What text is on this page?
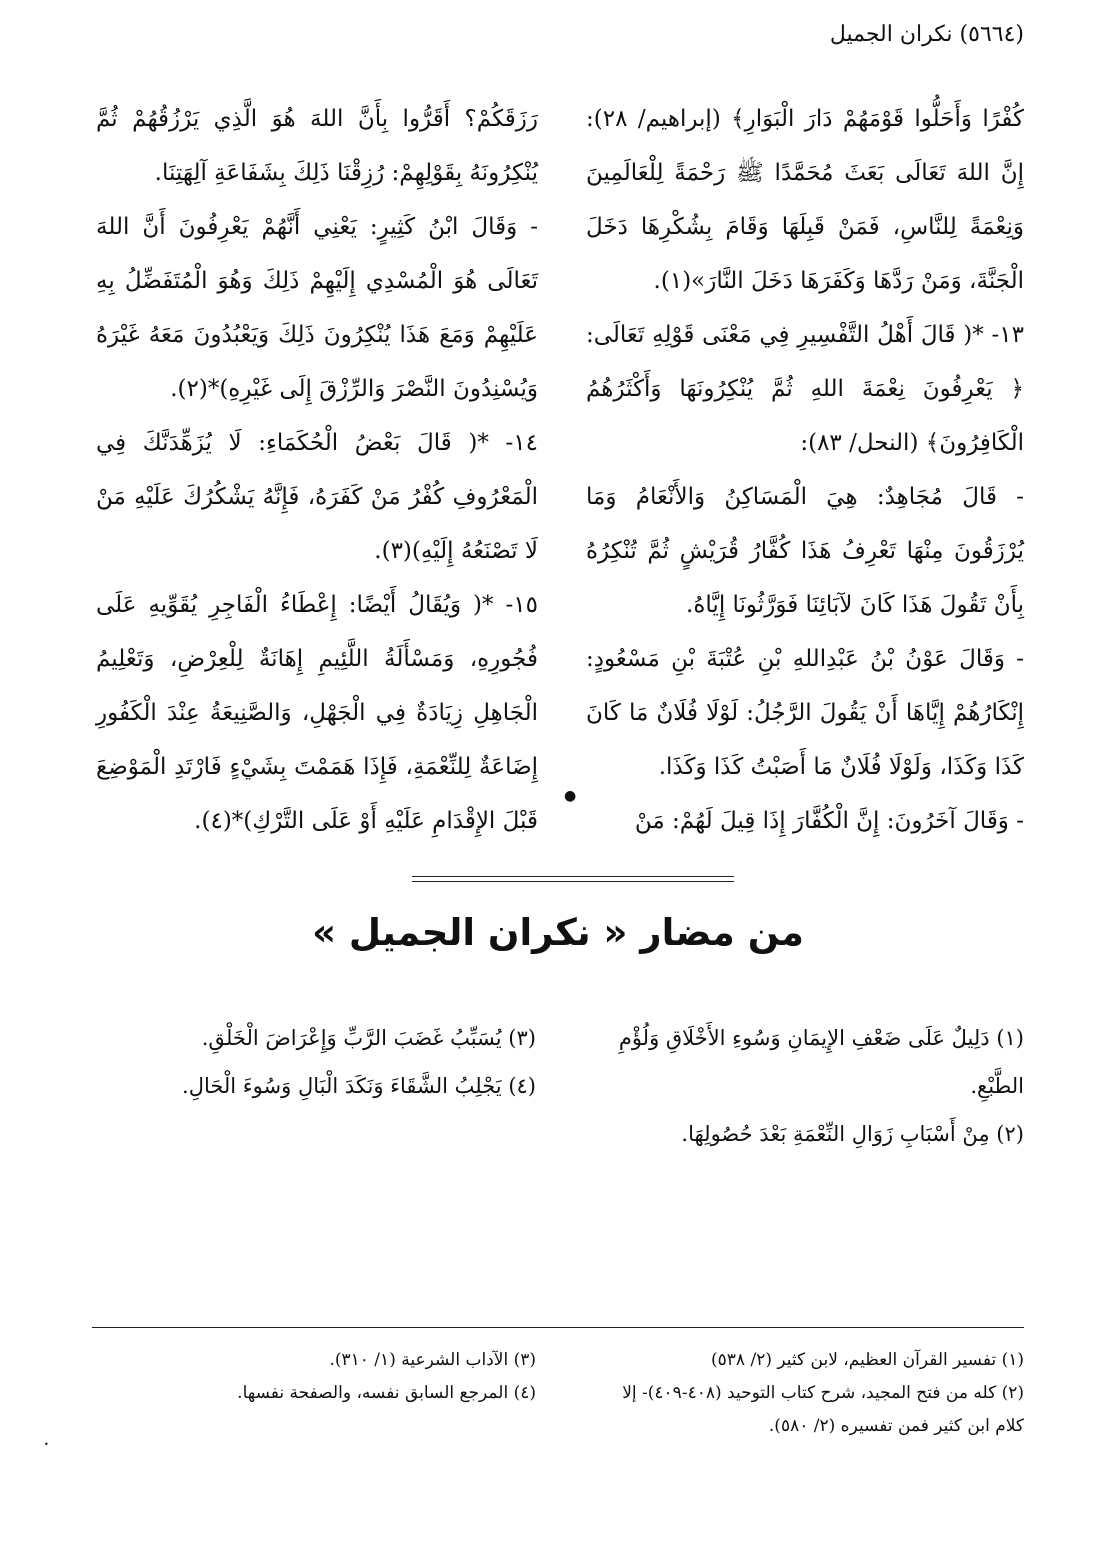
(٥٦٦٤) نكران الجميل

كُفْرًا وَأَحَلُّوا قَوْمَهُمْ دَارَ الْبَوَارِ﴾ (إبراهيم/ ٢٨): إِنَّ اللهَ تَعَالَى بَعَثَ مُحَمَّدًا ﷺ رَحْمَةً لِلْعَالَمِينَ وَنِعْمَةً لِلنَّاسِ، فَمَنْ قَبِلَهَا وَقَامَ بِشُكْرِهَا دَخَلَ الْجَنَّةَ، وَمَنْ رَدَّهَا وَكَفَرَهَا دَخَلَ النَّارَ»(١).

١٣- *( قَالَ أَهْلُ التَّفْسِيرِ فِي مَعْنَى قَوْلِهِ تَعَالَى: ﴿ يَعْرِفُونَ نِعْمَةَ اللهِ ثُمَّ يُنْكِرُونَهَا وَأَكْثَرُهُمُ الْكَافِرُونَ﴾ (النحل/ ٨٣):

- قَالَ مُجَاهِدٌ: هِيَ الْمَسَاكِنُ وَالأَنْعَامُ وَمَا يُرْزَقُونَ مِنْهَا تَعْرِفُ هَذَا كُفَّارُ قُرَيْشٍ ثُمَّ تُنْكِرُهُ بِأَنْ تَقُولَ هَذَا كَانَ لآبَائِنَا فَوَرَّثُونَا إِيَّاهُ.

- وَقَالَ عَوْنُ بْنُ عَبْدِاللهِ بْنِ عُتْبَةَ بْنِ مَسْعُودٍ: إِنْكَارُهُمْ إِيَّاهَا أَنْ يَقُولَ الرَّجُلُ: لَوْلَا فُلَانٌ مَا كَانَ كَذَا وَكَذَا، وَلَوْلَا فُلَانٌ مَا أَصَبْتُ كَذَا وَكَذَا.

- وَقَالَ آخَرُونَ: إِنَّ الْكُفَّارَ إِذَا قِيلَ لَهُمْ: مَنْ

رَزَقَكُمْ؟ أَقَرُّوا بِأَنَّ اللهَ هُوَ الَّذِي يَرْزُقُهُمْ ثُمَّ يُنْكِرُونَهُ بِقَوْلِهِمْ: رُزِقْنَا ذَلِكَ بِشَفَاعَةِ آلِهَتِنَا.

- وَقَالَ ابْنُ كَثِيرٍ: يَعْنِي أَنَّهُمْ يَعْرِفُونَ أَنَّ اللهَ تَعَالَى هُوَ الْمُسْدِي إِلَيْهِمْ ذَلِكَ وَهُوَ الْمُتَفَضِّلُ بِهِ عَلَيْهِمْ وَمَعَ هَذَا يُنْكِرُونَ ذَلِكَ وَيَعْبُدُونَ مَعَهُ غَيْرَهُ وَيُسْنِدُونَ النَّصْرَ وَالرِّزْقَ إِلَى غَيْرِهِ)*(٢).

١٤- *( قَالَ بَعْضُ الْحُكَمَاءِ: لَا يُزَهِّدَنَّكَ فِي الْمَعْرُوفِ كُفْرُ مَنْ كَفَرَهُ، فَإِنَّهُ يَشْكُرُكَ عَلَيْهِ مَنْ لَا تَصْنَعُهُ إِلَيْهِ)(٣).

١٥- *( وَيُقَالُ أَيْضًا: إِعْطَاءُ الْفَاجِرِ يُقَوِّيهِ عَلَى فُجُورِهِ، وَمَسْأَلَةُ اللَّئِيمِ إِهَانَةٌ لِلْعِرْضِ، وَتَعْلِيمُ الْجَاهِلِ زِيَادَةٌ فِي الْجَهْلِ، وَالصَّنِيعَةُ عِنْدَ الْكَفُورِ إِضَاعَةٌ لِلنِّعْمَةِ، فَإِذَا هَمَمْتَ بِشَيْءٍ فَارْتَدِ الْمَوْضِعَ قَبْلَ الإِقْدَامِ عَلَيْهِ أَوْ عَلَى التَّرْكِ)*(٤).

●
من مضار « نكران الجميل »

(١) دَلِيلٌ عَلَى ضَعْفِ الإِيمَانِ وَسُوءِ الأَخْلَاقِ وَلُؤْمِ الطَّبْعِ.

(٢) مِنْ أَسْبَابِ زَوَالِ النِّعْمَةِ بَعْدَ حُصُولِهَا.

(٣) يُسَبِّبُ غَضَبَ الرَّبِّ وَإِعْرَاضَ الْخَلْقِ.

(٤) يَجْلِبُ الشَّقَاءَ وَنَكَدَ الْبَالِ وَسُوءَ الْحَالِ.

(١) تفسير القرآن العظيم، لابن كثير (٢/ ٥٣٨)

(٢) كله من فتح المجيد، شرح كتاب التوحيد (٤٠٨-٤٠٩)- إلا كلام ابن كثير فمن تفسيره (٢/ ٥٨٠).

(٣) الآداب الشرعية (١/ ٣١٠).

(٤) المرجع السابق نفسه، والصفحة نفسها.

•
